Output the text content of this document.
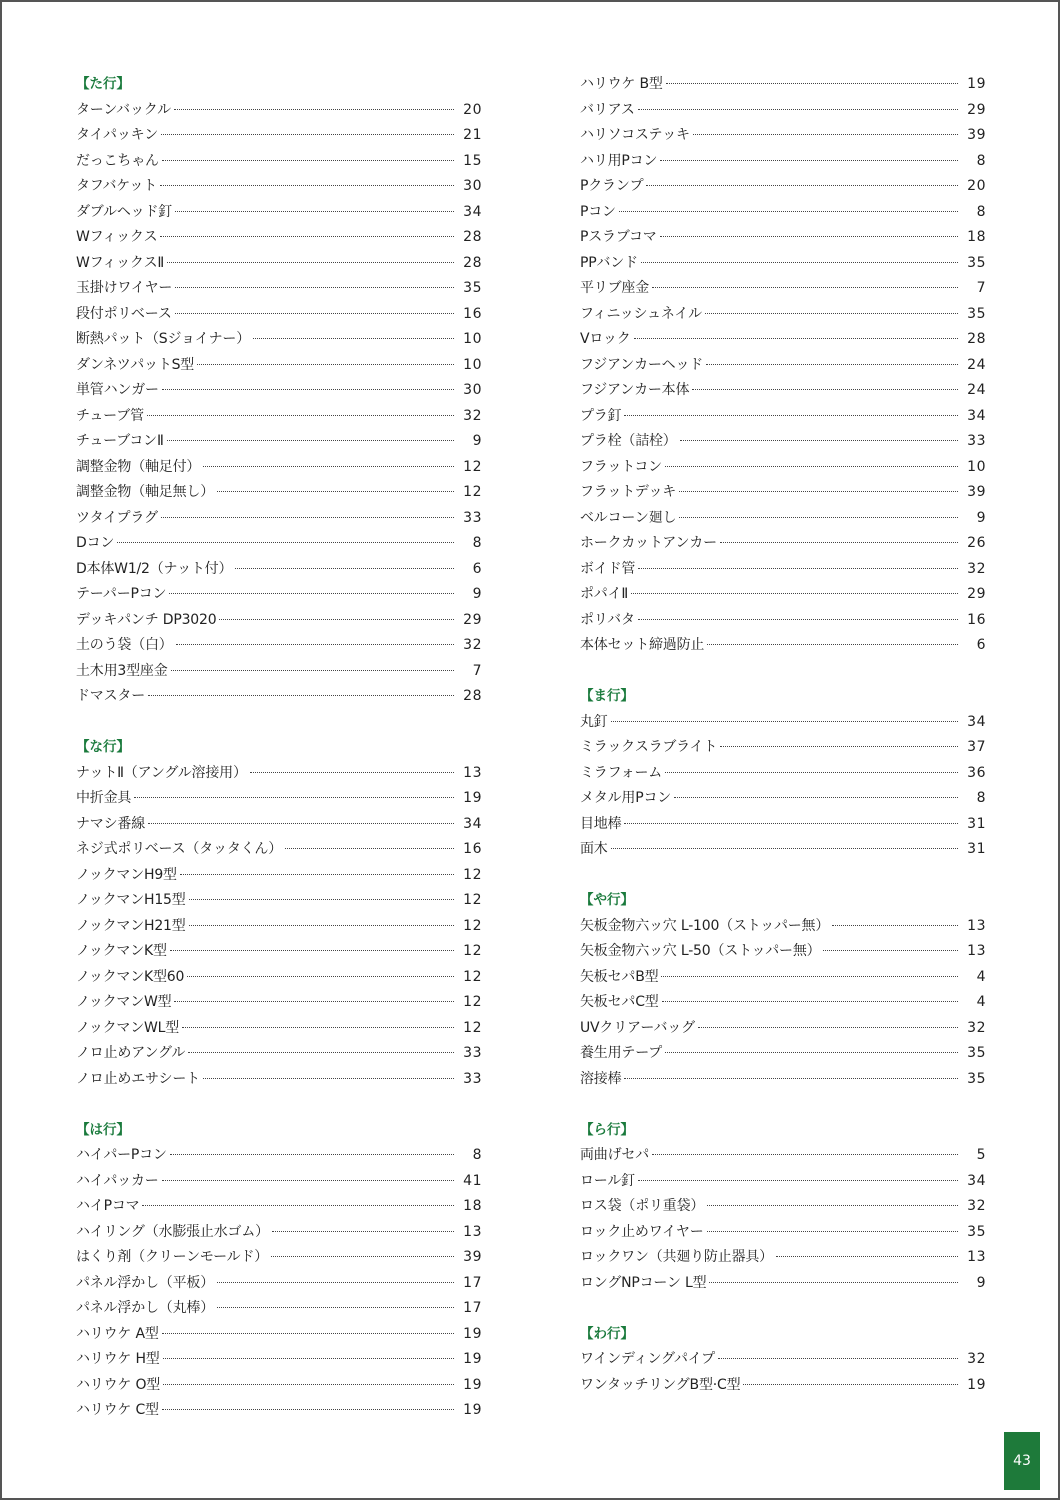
【た行】
ターンバックル	20
タイパッキン	21
だっこちゃん	15
タフバケット	30
ダブルヘッド釘	34
Wフィックス	28
WフィックスⅡ	28
玉掛けワイヤー	35
段付ポリベース	16
断熱パット（Sジョイナー）	10
ダンネツパットS型	10
単管ハンガー	30
チューブ管	32
チューブコンⅡ	9
調整金物（軸足付）	12
調整金物（軸足無し）	12
ツタイプラグ	33
Dコン	8
D本体W1/2（ナット付）	6
テーパーPコン	9
デッキパンチ DP3020	29
土のう袋（白）	32
土木用3型座金	7
ドマスター	28
【な行】
ナットⅡ（アングル溶接用）	13
中折金具	19
ナマシ番線	34
ネジ式ポリベース（タッタくん）	16
ノックマンH9型	12
ノックマンH15型	12
ノックマンH21型	12
ノックマンK型	12
ノックマンK型60	12
ノックマンW型	12
ノックマンWL型	12
ノロ止めアングル	33
ノロ止めエサシート	33
【は行】
ハイパーPコン	8
ハイパッカー	41
ハイPコマ	18
ハイリング（水膨張止水ゴム）	13
はくり剤（クリーンモールド）	39
パネル浮かし（平板）	17
パネル浮かし（丸棒）	17
ハリウケ A型	19
ハリウケ H型	19
ハリウケ O型	19
ハリウケ C型	19
ハリウケ B型	19
バリアス	29
ハリソコステッキ	39
ハリ用Pコン	8
Pクランプ	20
Pコン	8
Pスラブコマ	18
PPバンド	35
平リブ座金	7
フィニッシュネイル	35
Vロック	28
フジアンカーヘッド	24
フジアンカー本体	24
プラ釘	34
プラ栓（詰栓）	33
フラットコン	10
フラットデッキ	39
ベルコーン廻し	9
ホークカットアンカー	26
ボイド管	32
ポパイⅡ	29
ポリバタ	16
本体セット締過防止	6
【ま行】
丸釘	34
ミラックスラブライト	37
ミラフォーム	36
メタル用Pコン	8
目地棒	31
面木	31
【や行】
矢板金物六ッ穴 L-100（ストッパー無）	13
矢板金物六ッ穴 L-50（ストッパー無）	13
矢板セパB型	4
矢板セパC型	4
UVクリアーバッグ	32
養生用テープ	35
溶接棒	35
【ら行】
両曲げセパ	5
ロール釘	34
ロス袋（ポリ重袋）	32
ロック止めワイヤー	35
ロックワン（共廻り防止器具）	13
ロングNPコーン L型	9
【わ行】
ワインディングパイプ	32
ワンタッチリングB型·C型	19
43
